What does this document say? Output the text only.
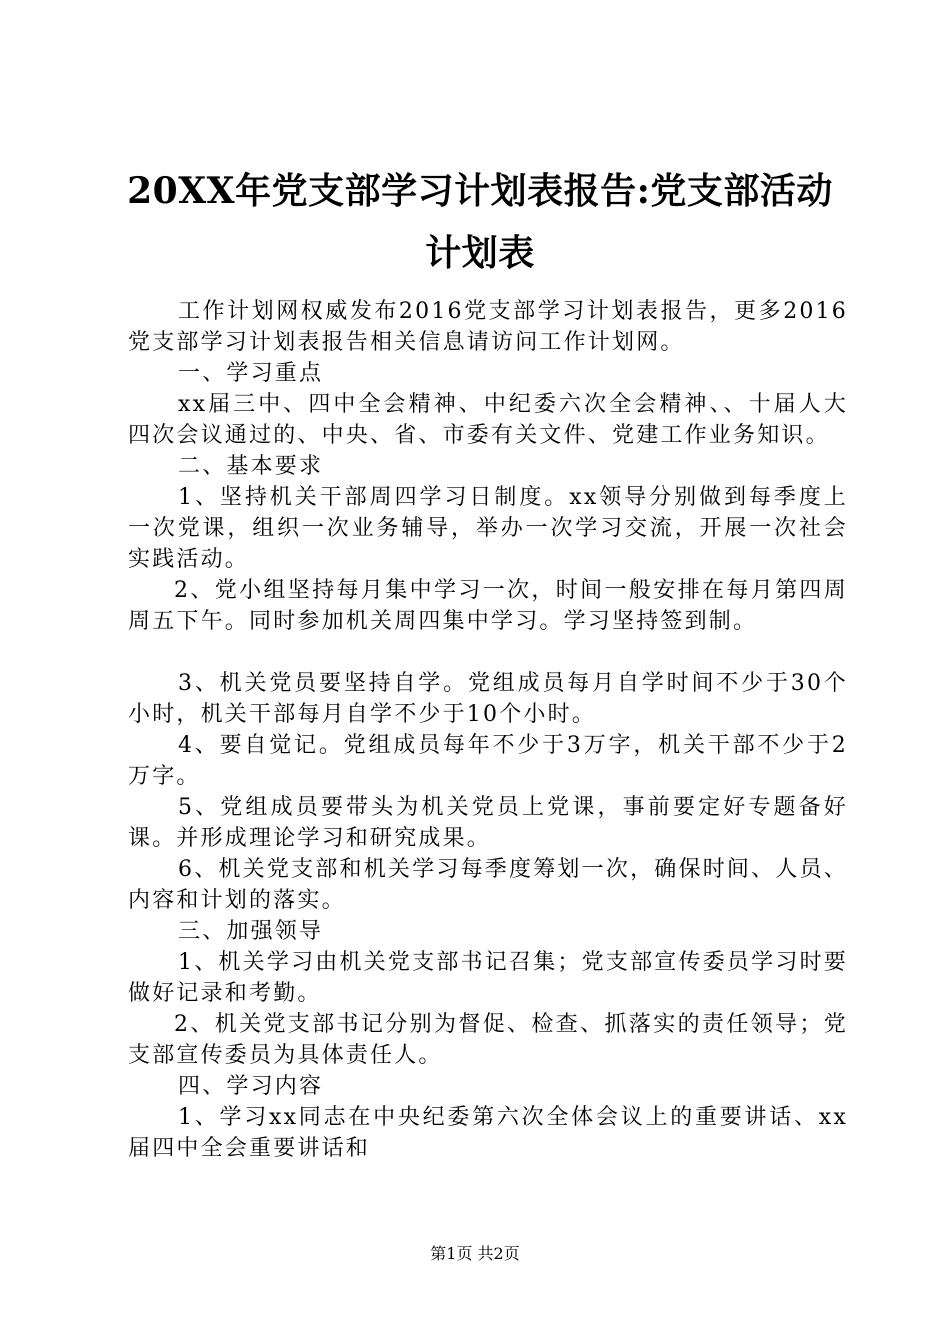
20XX年党支部学习计划表报告:党支部活动计划表

工作计划网权威发布2016党支部学习计划表报告，更多2016党支部学习计划表报告相关信息请访问工作计划网。

一、学习重点

xx届三中、四中全会精神、中纪委六次全会精神、、十届人大四次会议通过的、中央、省、市委有关文件、党建工作业务知识。

二、基本要求

1、坚持机关干部周四学习日制度。xx领导分别做到每季度上一次党课，组织一次业务辅导，举办一次学习交流，开展一次社会实践活动。

2、党小组坚持每月集中学习一次，时间一般安排在每月第四周周五下午。同时参加机关周四集中学习。学习坚持签到制。

3、机关党员要坚持自学。党组成员每月自学时间不少于30个小时，机关干部每月自学不少于10个小时。

4、要自觉记。党组成员每年不少于3万字，机关干部不少于2万字。

5、党组成员要带头为机关党员上党课，事前要定好专题备好课。并形成理论学习和研究成果。

6、机关党支部和机关学习每季度筹划一次，确保时间、人员、内容和计划的落实。

三、加强领导

1、机关学习由机关党支部书记召集；党支部宣传委员学习时要做好记录和考勤。

2、机关党支部书记分别为督促、检查、抓落实的责任领导；党支部宣传委员为具体责任人。

四、学习内容

1、学习xx同志在中央纪委第六次全体会议上的重要讲话、xx届四中全会重要讲话和

第1页 共2页
